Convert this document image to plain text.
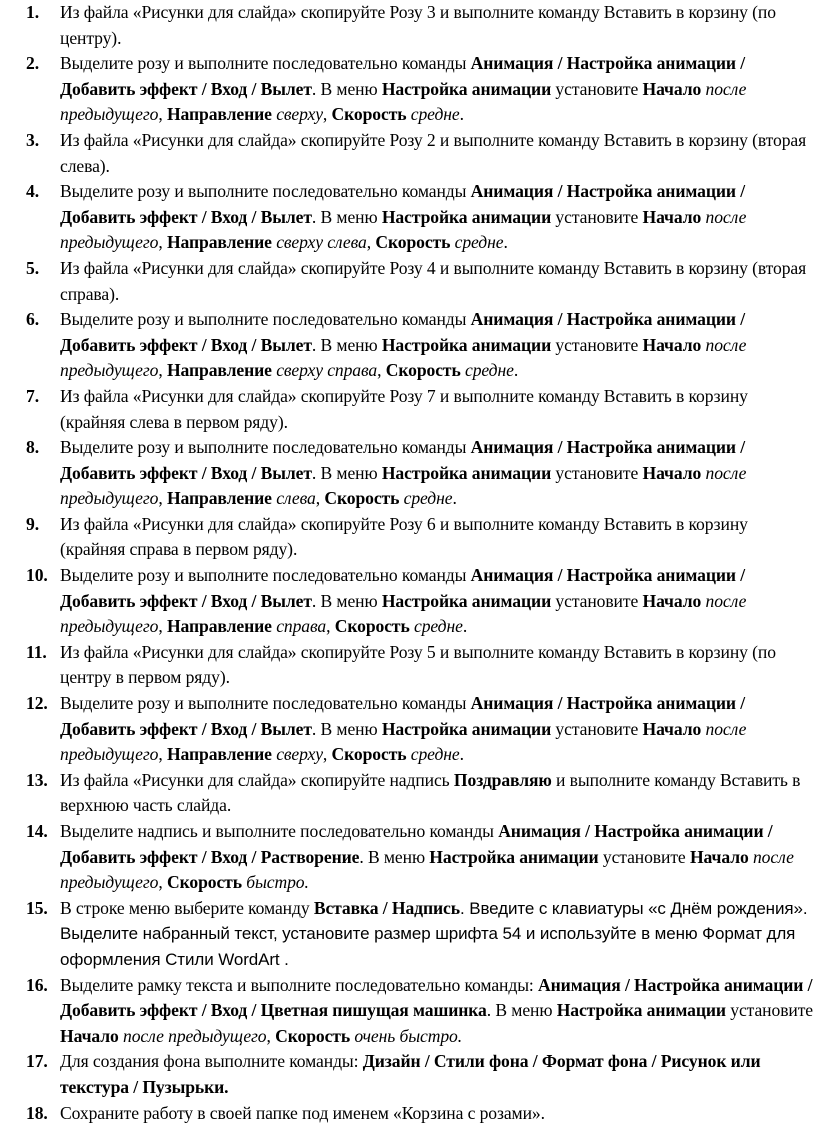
1. Из файла «Рисунки для слайда» скопируйте Розу 3 и выполните команду Вставить в корзину (по центру).
2. Выделите розу и выполните последовательно команды Анимация / Настройка анимации / Добавить эффект / Вход / Вылет. В меню Настройка анимации установите Начало после предыдущего, Направление сверху, Скорость средне.
3. Из файла «Рисунки для слайда» скопируйте Розу 2 и выполните команду Вставить в корзину (вторая слева).
4. Выделите розу и выполните последовательно команды Анимация / Настройка анимации / Добавить эффект / Вход / Вылет. В меню Настройка анимации установите Начало после предыдущего, Направление сверху слева, Скорость средне.
5. Из файла «Рисунки для слайда» скопируйте Розу 4 и выполните команду Вставить в корзину (вторая справа).
6. Выделите розу и выполните последовательно команды Анимация / Настройка анимации / Добавить эффект / Вход / Вылет. В меню Настройка анимации установите Начало после предыдущего, Направление сверху справа, Скорость средне.
7. Из файла «Рисунки для слайда» скопируйте Розу 7 и выполните команду Вставить в корзину (крайняя слева в первом ряду).
8. Выделите розу и выполните последовательно команды Анимация / Настройка анимации / Добавить эффект / Вход / Вылет. В меню Настройка анимации установите Начало после предыдущего, Направление слева, Скорость средне.
9. Из файла «Рисунки для слайда» скопируйте Розу 6 и выполните команду Вставить в корзину (крайняя справа в первом ряду).
10. Выделите розу и выполните последовательно команды Анимация / Настройка анимации / Добавить эффект / Вход / Вылет. В меню Настройка анимации установите Начало после предыдущего, Направление справа, Скорость средне.
11. Из файла «Рисунки для слайда» скопируйте Розу 5 и выполните команду Вставить в корзину (по центру в первом ряду).
12. Выделите розу и выполните последовательно команды Анимация / Настройка анимации / Добавить эффект / Вход / Вылет. В меню Настройка анимации установите Начало после предыдущего, Направление сверху, Скорость средне.
13. Из файла «Рисунки для слайда» скопируйте надпись Поздравляю и выполните команду Вставить в верхнюю часть слайда.
14. Выделите надпись и выполните последовательно команды Анимация / Настройка анимации / Добавить эффект / Вход / Растворение. В меню Настройка анимации установите Начало после предыдущего, Скорость быстро.
15. В строке меню выберите команду Вставка / Надпись. Введите с клавиатуры «с Днём рождения». Выделите набранный текст, установите размер шрифта 54 и используйте в меню Формат для оформления Стили WordArt .
16. Выделите рамку текста и выполните последовательно команды: Анимация / Настройка анимации / Добавить эффект / Вход / Цветная пишущая машинка. В меню Настройка анимации установите Начало после предыдущего, Скорость очень быстро.
17. Для создания фона выполните команды: Дизайн / Стили фона / Формат фона / Рисунок или текстура / Пузырьки.
18. Сохраните работу в своей папке под именем «Корзина с розами».
